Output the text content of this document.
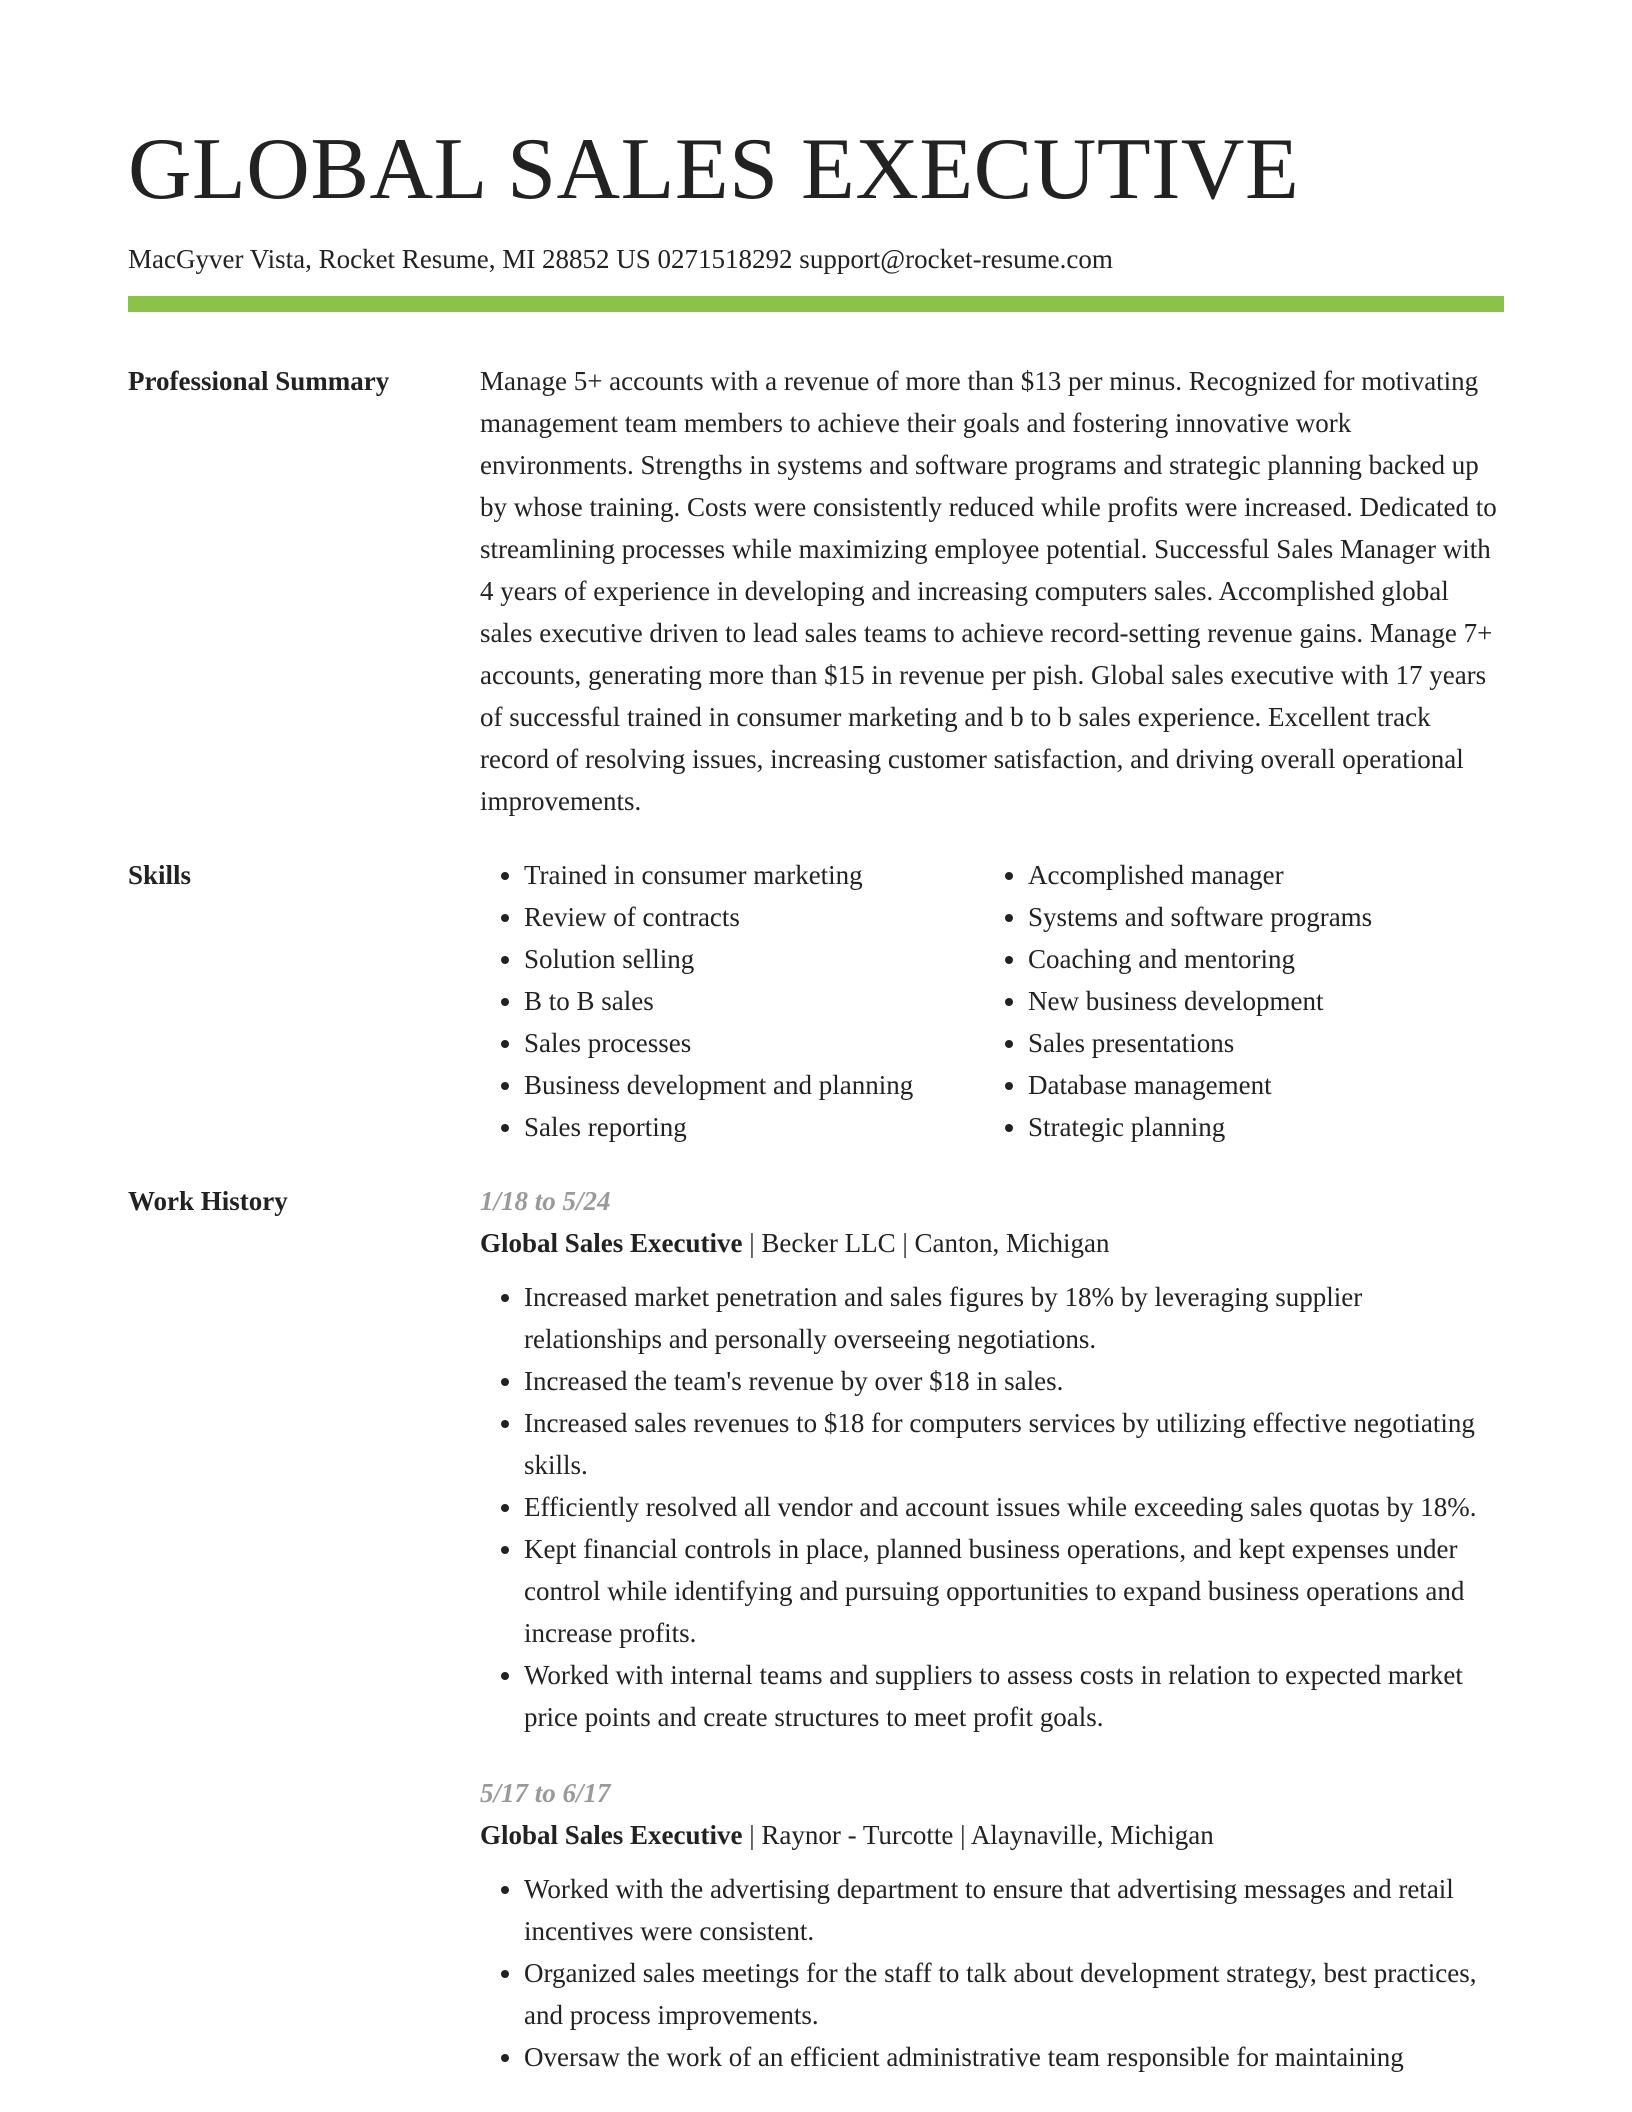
GLOBAL SALES EXECUTIVE
MacGyver Vista, Rocket Resume, MI 28852 US 0271518292 support@rocket-resume.com
Professional Summary	Manage 5+ accounts with a revenue of more than $13 per minus. Recognized for motivating management team members to achieve their goals and fostering innovative work environments. Strengths in systems and software programs and strategic planning backed up by whose training. Costs were consistently reduced while profits were increased. Dedicated to streamlining processes while maximizing employee potential. Successful Sales Manager with 4 years of experience in developing and increasing computers sales. Accomplished global sales executive driven to lead sales teams to achieve record-setting revenue gains. Manage 7+ accounts, generating more than $15 in revenue per pish. Global sales executive with 17 years of successful trained in consumer marketing and b to b sales experience. Excellent track record of resolving issues, increasing customer satisfaction, and driving overall operational improvements.

Skills
•	Trained in consumer marketing
• Review of contracts
• Solution selling
• B to B sales
• Sales processes
• Business development and planning
• Sales reporting
• Accomplished manager
• Systems and software programs
• Coaching and mentoring
• New business development
• Sales presentations
• Database management
• Strategic planning
Work History	1/18 to 5/24
Global Sales Executive | Becker LLC | Canton, Michigan
• Increased market penetration and sales figures by 18% by leveraging supplier relationships and personally overseeing negotiations.
• Increased the team's revenue by over $18 in sales.
• Increased sales revenues to $18 for computers services by utilizing effective negotiating skills.
• Efficiently resolved all vendor and account issues while exceeding sales quotas by 18%.
• Kept financial controls in place, planned business operations, and kept expenses under control while identifying and pursuing opportunities to expand business operations and increase profits.
• Worked with internal teams and suppliers to assess costs in relation to expected market price points and create structures to meet profit goals.
5/17 to 6/17
Global Sales Executive | Raynor - Turcotte | Alaynaville, Michigan
• Worked with the advertising department to ensure that advertising messages and retail incentives were consistent.
• Organized sales meetings for the staff to talk about development strategy, best practices, and process improvements.
• Oversaw the work of an efficient administrative team responsible for maintaining
